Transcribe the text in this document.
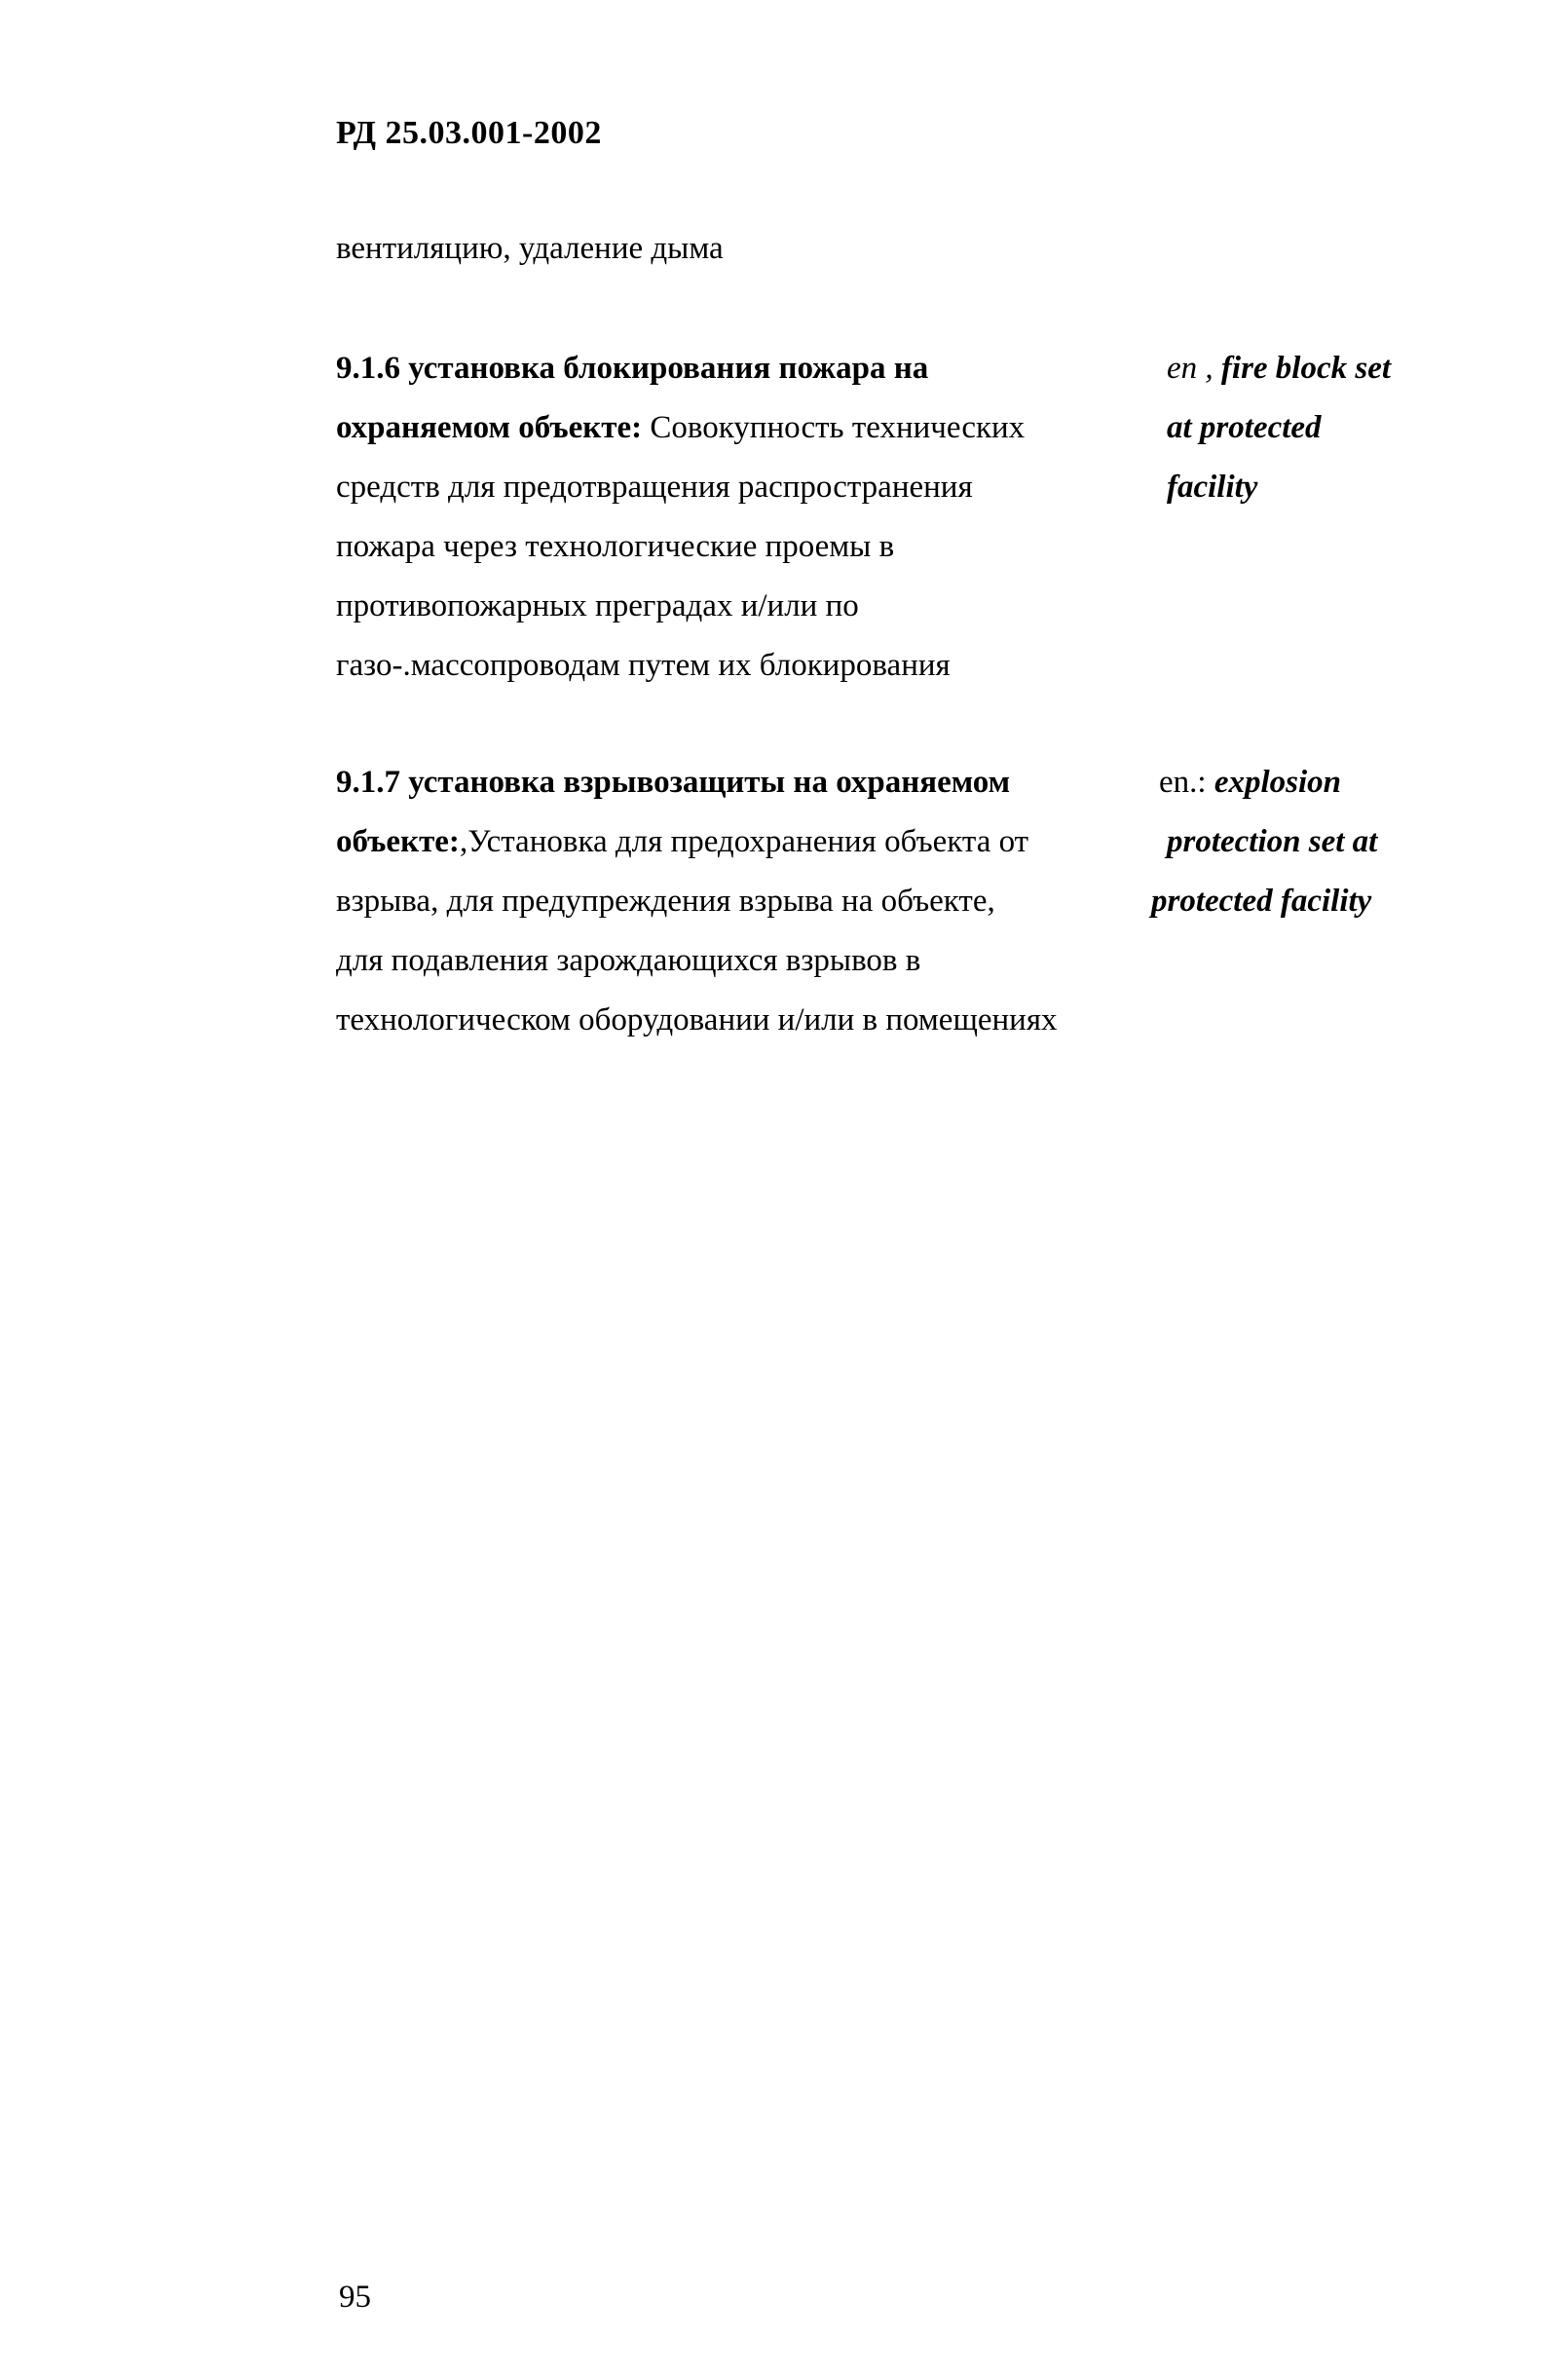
РД 25.03.001-2002
вентиляцию, удаление дыма
9.1.6 установка блокирования пожара на
охраняемом объекте: Совокупность технических
средств для предотвращения распространения
пожара через технологические проемы в
противопожарных преградах и/или по
газо-.массопроводам путем их блокирования
en , fire block set
at protected
facility
9.1.7 установка взрывозащиты на охраняемом
объекте:,Установка для предохранения объекта от
взрыва, для предупреждения взрыва на объекте,
для подавления зарождающихся взрывов в
технологическом оборудовании и/или в помещениях
en.: explosion
protection set at
protected facility
95
